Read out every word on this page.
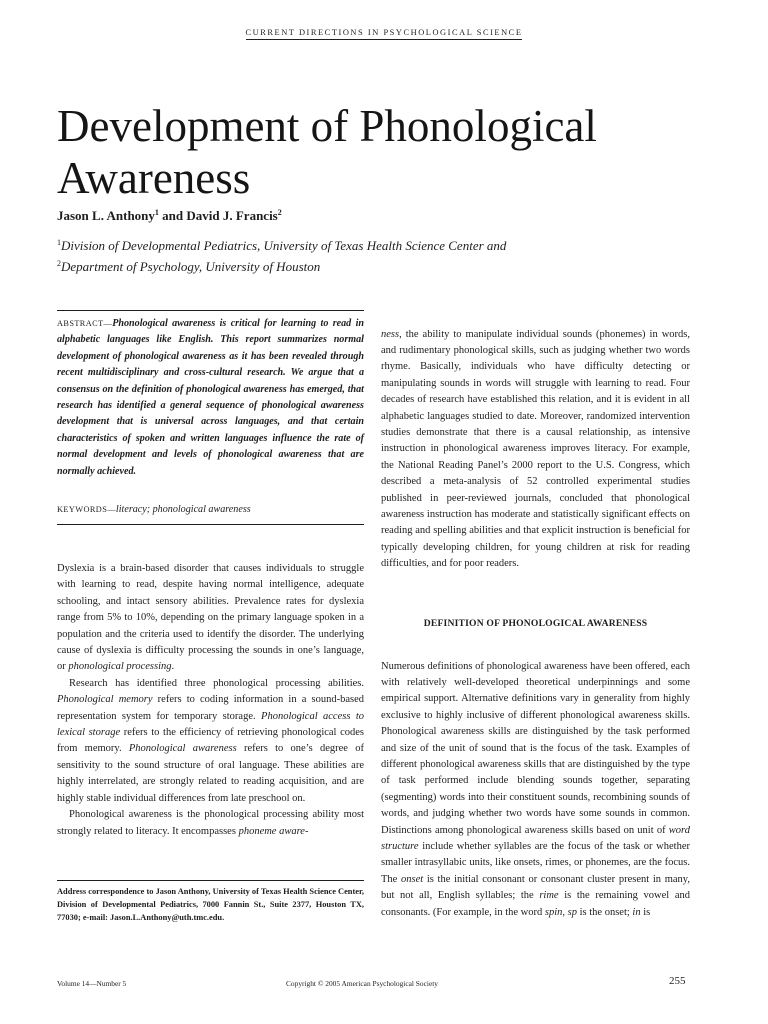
CURRENT DIRECTIONS IN PSYCHOLOGICAL SCIENCE
Development of Phonological Awareness
Jason L. Anthony$^1$ and David J. Francis$^2$
$^1$Division of Developmental Pediatrics, University of Texas Health Science Center and
$^2$Department of Psychology, University of Houston
ABSTRACT—Phonological awareness is critical for learning to read in alphabetic languages like English. This report summarizes normal development of phonological awareness as it has been revealed through recent multidisciplinary and cross-cultural research. We argue that a consensus on the definition of phonological awareness has emerged, that research has identified a general sequence of phonological awareness development that is universal across languages, and that certain characteristics of spoken and written languages influence the rate of normal development and levels of phonological awareness that are normally achieved.
KEYWORDS—literacy; phonological awareness

Dyslexia is a brain-based disorder that causes individuals to struggle with learning to read, despite having normal intelligence, adequate schooling, and intact sensory abilities. Prevalence rates for dyslexia range from 5% to 10%, depending on the primary language spoken in a population and the criteria used to identify the disorder. The underlying cause of dyslexia is difficulty processing the sounds in one’s language, or phonological processing.

Research has identified three phonological processing abilities. Phonological memory refers to coding information in a sound-based representation system for temporary storage. Phonological access to lexical storage refers to the efficiency of retrieving phonological codes from memory. Phonological awareness refers to one’s degree of sensitivity to the sound structure of oral language. These abilities are highly interrelated, are strongly related to reading acquisition, and are highly stable individual differences from late preschool on.

Phonological awareness is the phonological processing ability most strongly related to literacy. It encompasses phoneme aware-

Address correspondence to Jason Anthony, University of Texas Health Science Center, Division of Developmental Pediatrics, 7000 Fannin St., Suite 2377, Houston TX, 77030; e-mail: Jason.L.Anthony@uth.tmc.edu.

ness, the ability to manipulate individual sounds (phonemes) in words, and rudimentary phonological skills, such as judging whether two words rhyme. Basically, individuals who have difficulty detecting or manipulating sounds in words will struggle with learning to read. Four decades of research have established this relation, and it is evident in all alphabetic languages studied to date. Moreover, randomized intervention studies demonstrate that there is a causal relationship, as intensive instruction in phonological awareness improves literacy. For example, the National Reading Panel’s 2000 report to the U.S. Congress, which described a meta-analysis of 52 controlled experimental studies published in peer-reviewed journals, concluded that phonological awareness instruction has moderate and statistically significant effects on reading and spelling abilities and that explicit instruction is beneficial for typically developing children, for young children at risk for reading difficulties, and for poor readers.

DEFINITION OF PHONOLOGICAL AWARENESS

Numerous definitions of phonological awareness have been offered, each with relatively well-developed theoretical underpinnings and some empirical support. Alternative definitions vary in generality from highly exclusive to highly inclusive of different phonological awareness skills. Phonological awareness skills are distinguished by the task performed and size of the unit of sound that is the focus of the task. Examples of different phonological awareness skills that are distinguished by the type of task performed include blending sounds together, separating (segmenting) words into their constituent sounds, recombining sounds of words, and judging whether two words have some sounds in common. Distinctions among phonological awareness skills based on unit of word structure include whether syllables are the focus of the task or whether smaller intrasyllabic units, like onsets, rimes, or phonemes, are the focus. The onset is the initial consonant or consonant cluster present in many, but not all, English syllables; the rime is the remaining vowel and consonants. (For example, in the word spin, sp is the onset; in is

Volume 14—Number 5	Copyright © 2005 American Psychological Society	255
